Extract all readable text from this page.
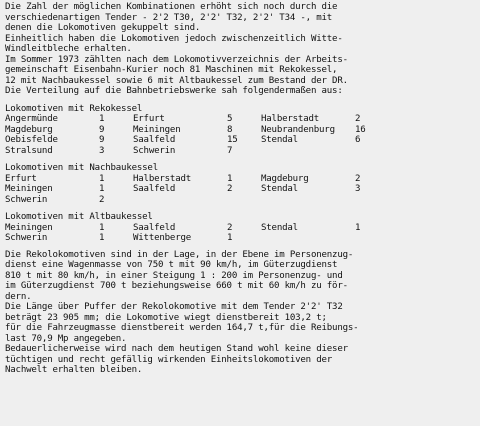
Die Zahl der möglichen Kombinationen erhöht sich noch durch die
verschiedenartigen Tender - 2'2 T30, 2'2' T32, 2'2' T34 -, mit
denen die Lokomotiven gekuppelt sind.
Einheitlich haben die Lokomotiven jedoch zwischenzeitlich Witte-
Windleitbleche erhalten.
Im Sommer 1973 zählten nach dem Lokomotivverzeichnis der Arbeits-
gemeinschaft Eisenbahn-Kurier noch 81 Maschinen mit Rekokessel,
12 mit Nachbaukessel sowie 6 mit Altbaukessel zum Bestand der DR.
Die Verteilung auf die Bahnbetriebswerke sah folgendermaßen aus:
Lokomotiven mit Rekokessel
Angermünde	1	Erfurt	5	Halberstadt	2
Magdeburg	9	Meiningen	8	Neubrandenburg	16
Oebisfelde	9	Saalfeld	15	Stendal	6
Stralsund	3	Schwerin	7		
Lokomotiven mit Nachbaukessel
Erfurt	1	Halberstadt	1	Magdeburg	2
Meiningen	1	Saalfeld	2	Stendal	3
Schwerin	2				
Lokomotiven mit Altbaukessel
Meiningen	1	Saalfeld	2	Stendal	1
Schwerin	1	Wittenberge	1		
Die Rekolokomotiven sind in der Lage, in der Ebene im Personenzug-
dienst eine Wagenmasse von 750 t mit 90 km/h, im Güterzugdienst
810 t mit 80 km/h, in einer Steigung 1 : 200 im Personenzug- und
im Güterzugdienst 700 t beziehungsweise 660 t mit 60 km/h zu för-
dern.
Die Länge über Puffer der Rekolokomotive mit dem Tender 2'2' T32
beträgt 23 905 mm; die Lokomotive wiegt dienstbereit 103,2 t;
für die Fahrzeugmasse dienstbereit werden 164,7 t,für die Reibungs-
last 70,9 Mp angegeben.
Bedauerlicherweise wird nach dem heutigen Stand wohl keine dieser
tüchtigen und recht gefällig wirkenden Einheitslokomotiven der
Nachwelt erhalten bleiben.
